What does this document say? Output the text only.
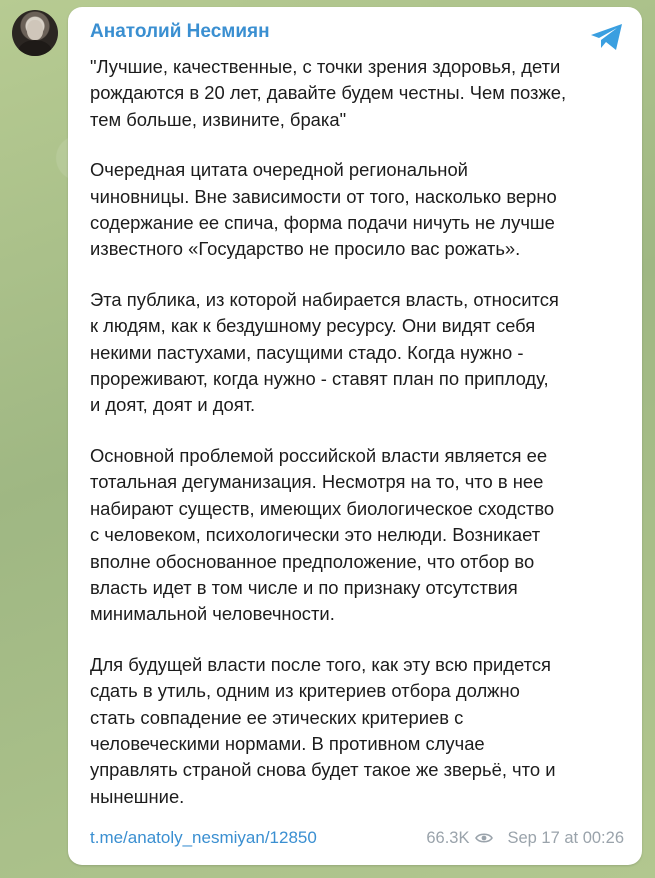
Анатолий Несмиян

"Лучшие, качественные, с точки зрения здоровья, дети
рождаются в 20 лет, давайте будем честны. Чем позже,
тем больше, извините, брака"

Очередная цитата очередной региональной
чиновницы. Вне зависимости от того, насколько верно
содержание ее спича, форма подачи ничуть не лучше
известного «Государство не просило вас рожать».

Эта публика, из которой набирается власть, относится
к людям, как к бездушному ресурсу. Они видят себя
некими пастухами, пасущими стадо. Когда нужно -
прореживают, когда нужно - ставят план по приплоду,
и доят, доят и доят.

Основной проблемой российской власти является ее
тотальная дегуманизация. Несмотря на то, что в нее
набирают существ, имеющих биологическое сходство
с человеком, психологически это нелюди. Возникает
вполне обоснованное предположение, что отбор во
власть идет в том числе и по признаку отсутствия
минимальной человечности.

Для будущей власти после того, как эту всю придется
сдать в утиль, одним из критериев отбора должно
стать совпадение ее этических критериев с
человеческими нормами. В противном случае
управлять страной снова будет такое же зверьё, что и
нынешние.

t.me/anatoly_nesmiyan/12850	66.3K Sep 17 at 00:26
